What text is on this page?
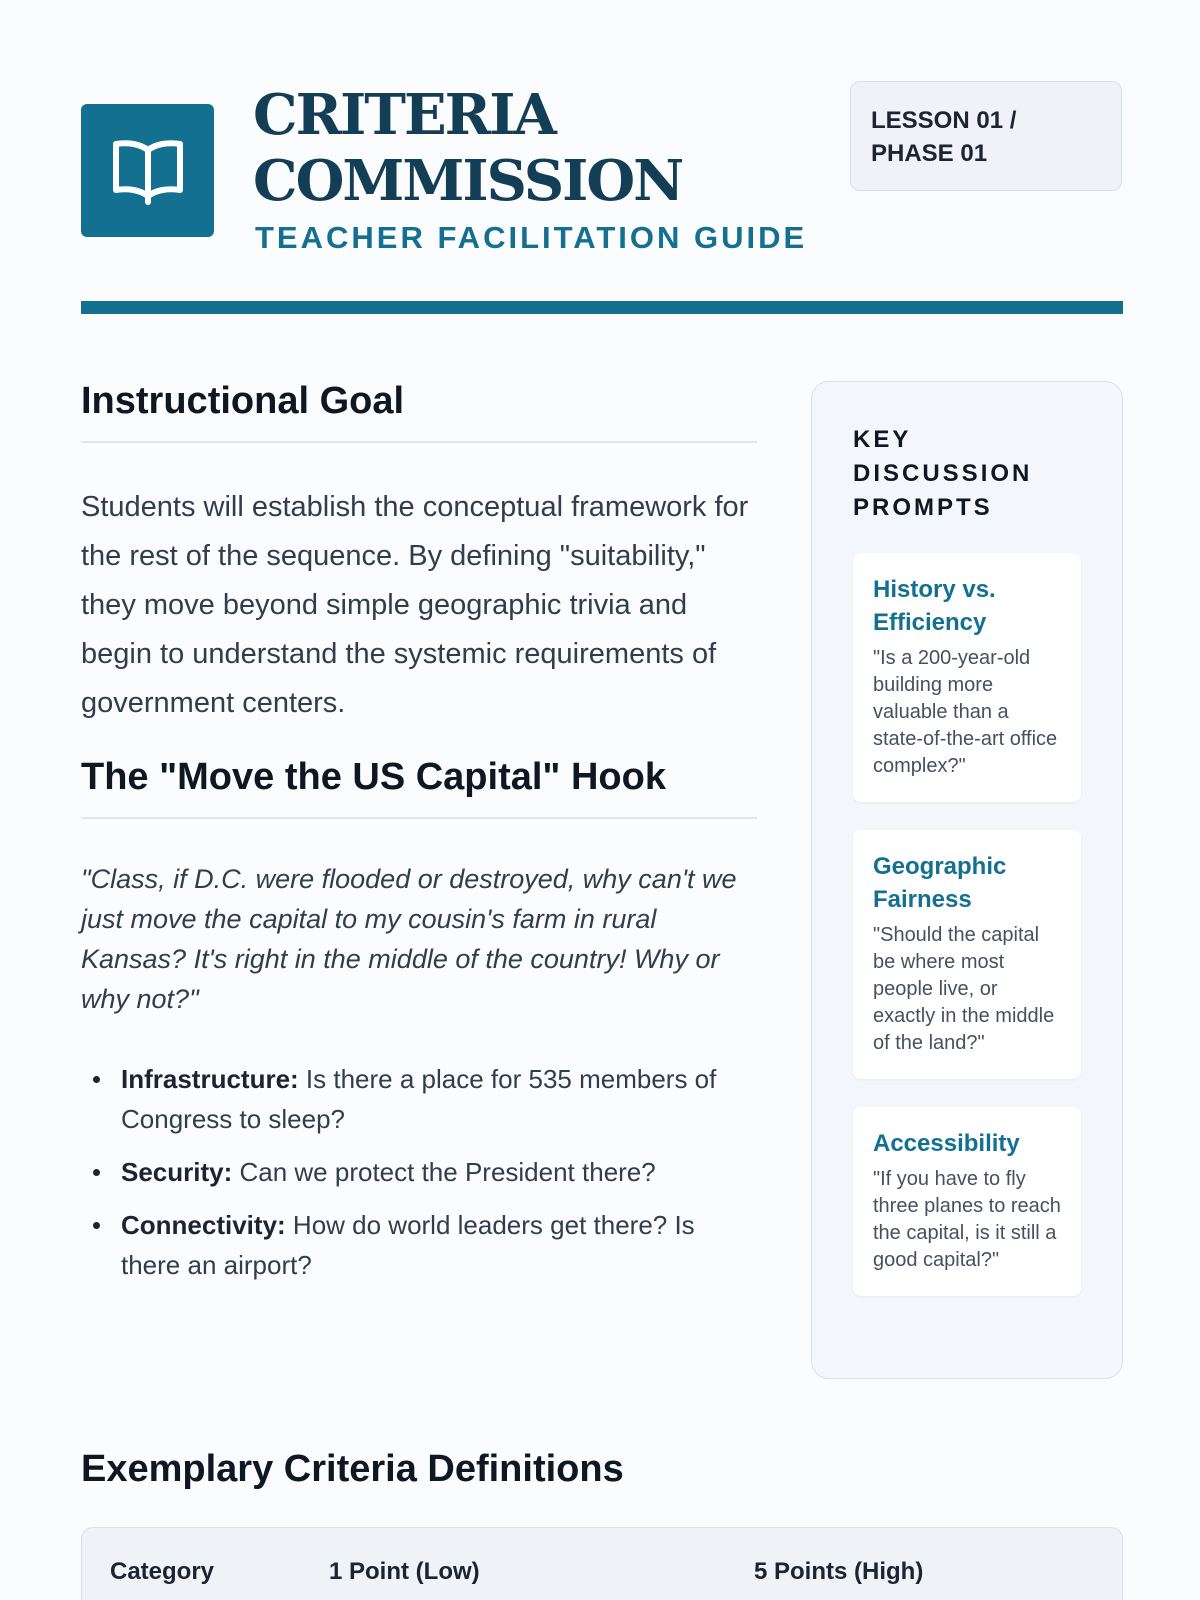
CRITERIA
COMMISSION
TEACHER FACILITATION GUIDE
LESSON 01 / PHASE 01
Instructional Goal

Students will establish the conceptual framework for the rest of the sequence. By defining "suitability," they move beyond simple geographic trivia and begin to understand the systemic requirements of government centers.

The "Move the US Capital" Hook

"Class, if D.C. were flooded or destroyed, why can't we just move the capital to my cousin's farm in rural Kansas? It's right in the middle of the country! Why or why not?"

Infrastructure: Is there a place for 535 members of Congress to sleep?
Security: Can we protect the President there?
Connectivity: How do world leaders get there? Is there an airport?
KEY DISCUSSION PROMPTS
History vs. Efficiency
"Is a 200-year-old building more valuable than a state-of-the-art office complex?"
Geographic Fairness
"Should the capital be where most people live, or exactly in the middle of the land?"
Accessibility
"If you have to fly three planes to reach the capital, is it still a good capital?"
Exemplary Criteria Definitions
Category	1 Point (Low)	5 Points (High)
